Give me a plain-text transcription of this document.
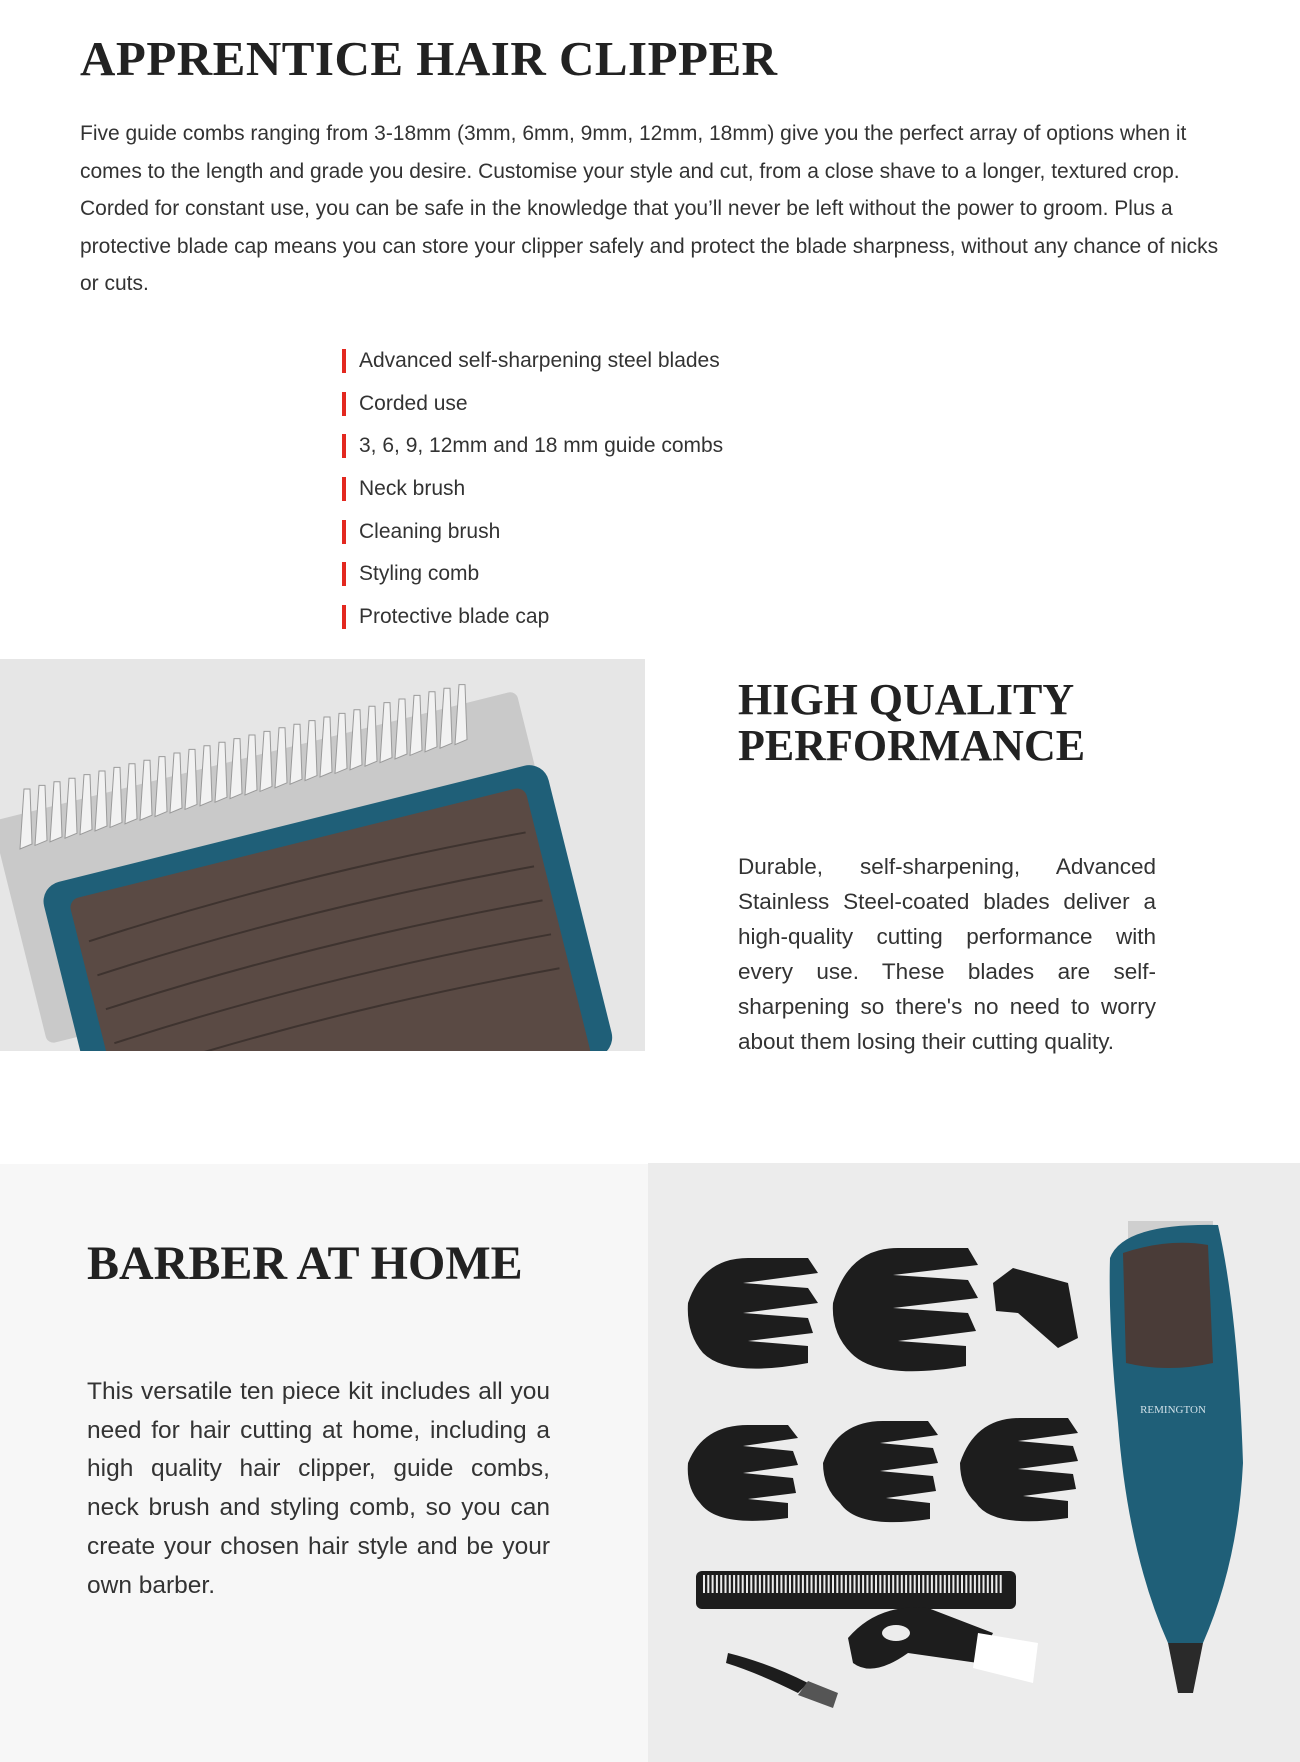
APPRENTICE HAIR CLIPPER

Five guide combs ranging from 3-18mm (3mm, 6mm, 9mm, 12mm, 18mm) give you the perfect array of options when it comes to the length and grade you desire. Customise your style and cut, from a close shave to a longer, textured crop. Corded for constant use, you can be safe in the knowledge that you’ll never be left without the power to groom. Plus a protective blade cap means you can store your clipper safely and protect the blade sharpness, without any chance of nicks or cuts.

Advanced self-sharpening steel blades
Corded use
3, 6, 9, 12mm and 18 mm guide combs
Neck brush
Cleaning brush
Styling comb
Protective blade cap
HIGH QUALITY
PERFORMANCE

Durable, self-sharpening, Advanced Stainless Steel-coated blades deliver a high-quality cutting performance with every use. These blades are self-sharpening so there's no need to worry about them losing their cutting quality.

BARBER AT HOME

This versatile ten piece kit includes all you need for hair cutting at home, including a high quality hair clipper, guide combs, neck brush and styling comb, so you can create your chosen hair style and be your own barber.

REMINGTON
